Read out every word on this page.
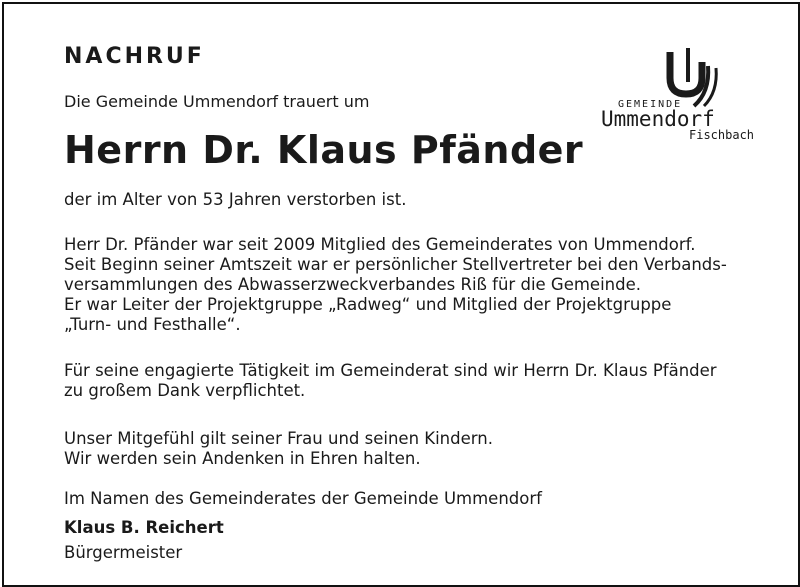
NACHRUF
Die Gemeinde Ummendorf trauert um
Herrn Dr. Klaus Pfänder
der im Alter von 53 Jahren verstorben ist.
Herr Dr. Pfänder war seit 2009 Mitglied des Gemeinderates von Ummendorf.
Seit Beginn seiner Amtszeit war er persönlicher Stellvertreter bei den Verbands-
versammlungen des Abwasserzweckverbandes Riß für die Gemeinde.
Er war Leiter der Projektgruppe „Radweg“ und Mitglied der Projektgruppe
„Turn- und Festhalle“.
Für seine engagierte Tätigkeit im Gemeinderat sind wir Herrn Dr. Klaus Pfänder
zu großem Dank verpflichtet.
Unser Mitgefühl gilt seiner Frau und seinen Kindern.
Wir werden sein Andenken in Ehren halten.
Im Namen des Gemeinderates der Gemeinde Ummendorf
Klaus B. Reichert
Bürgermeister
GEMEINDE
Ummendorf
Fischbach
